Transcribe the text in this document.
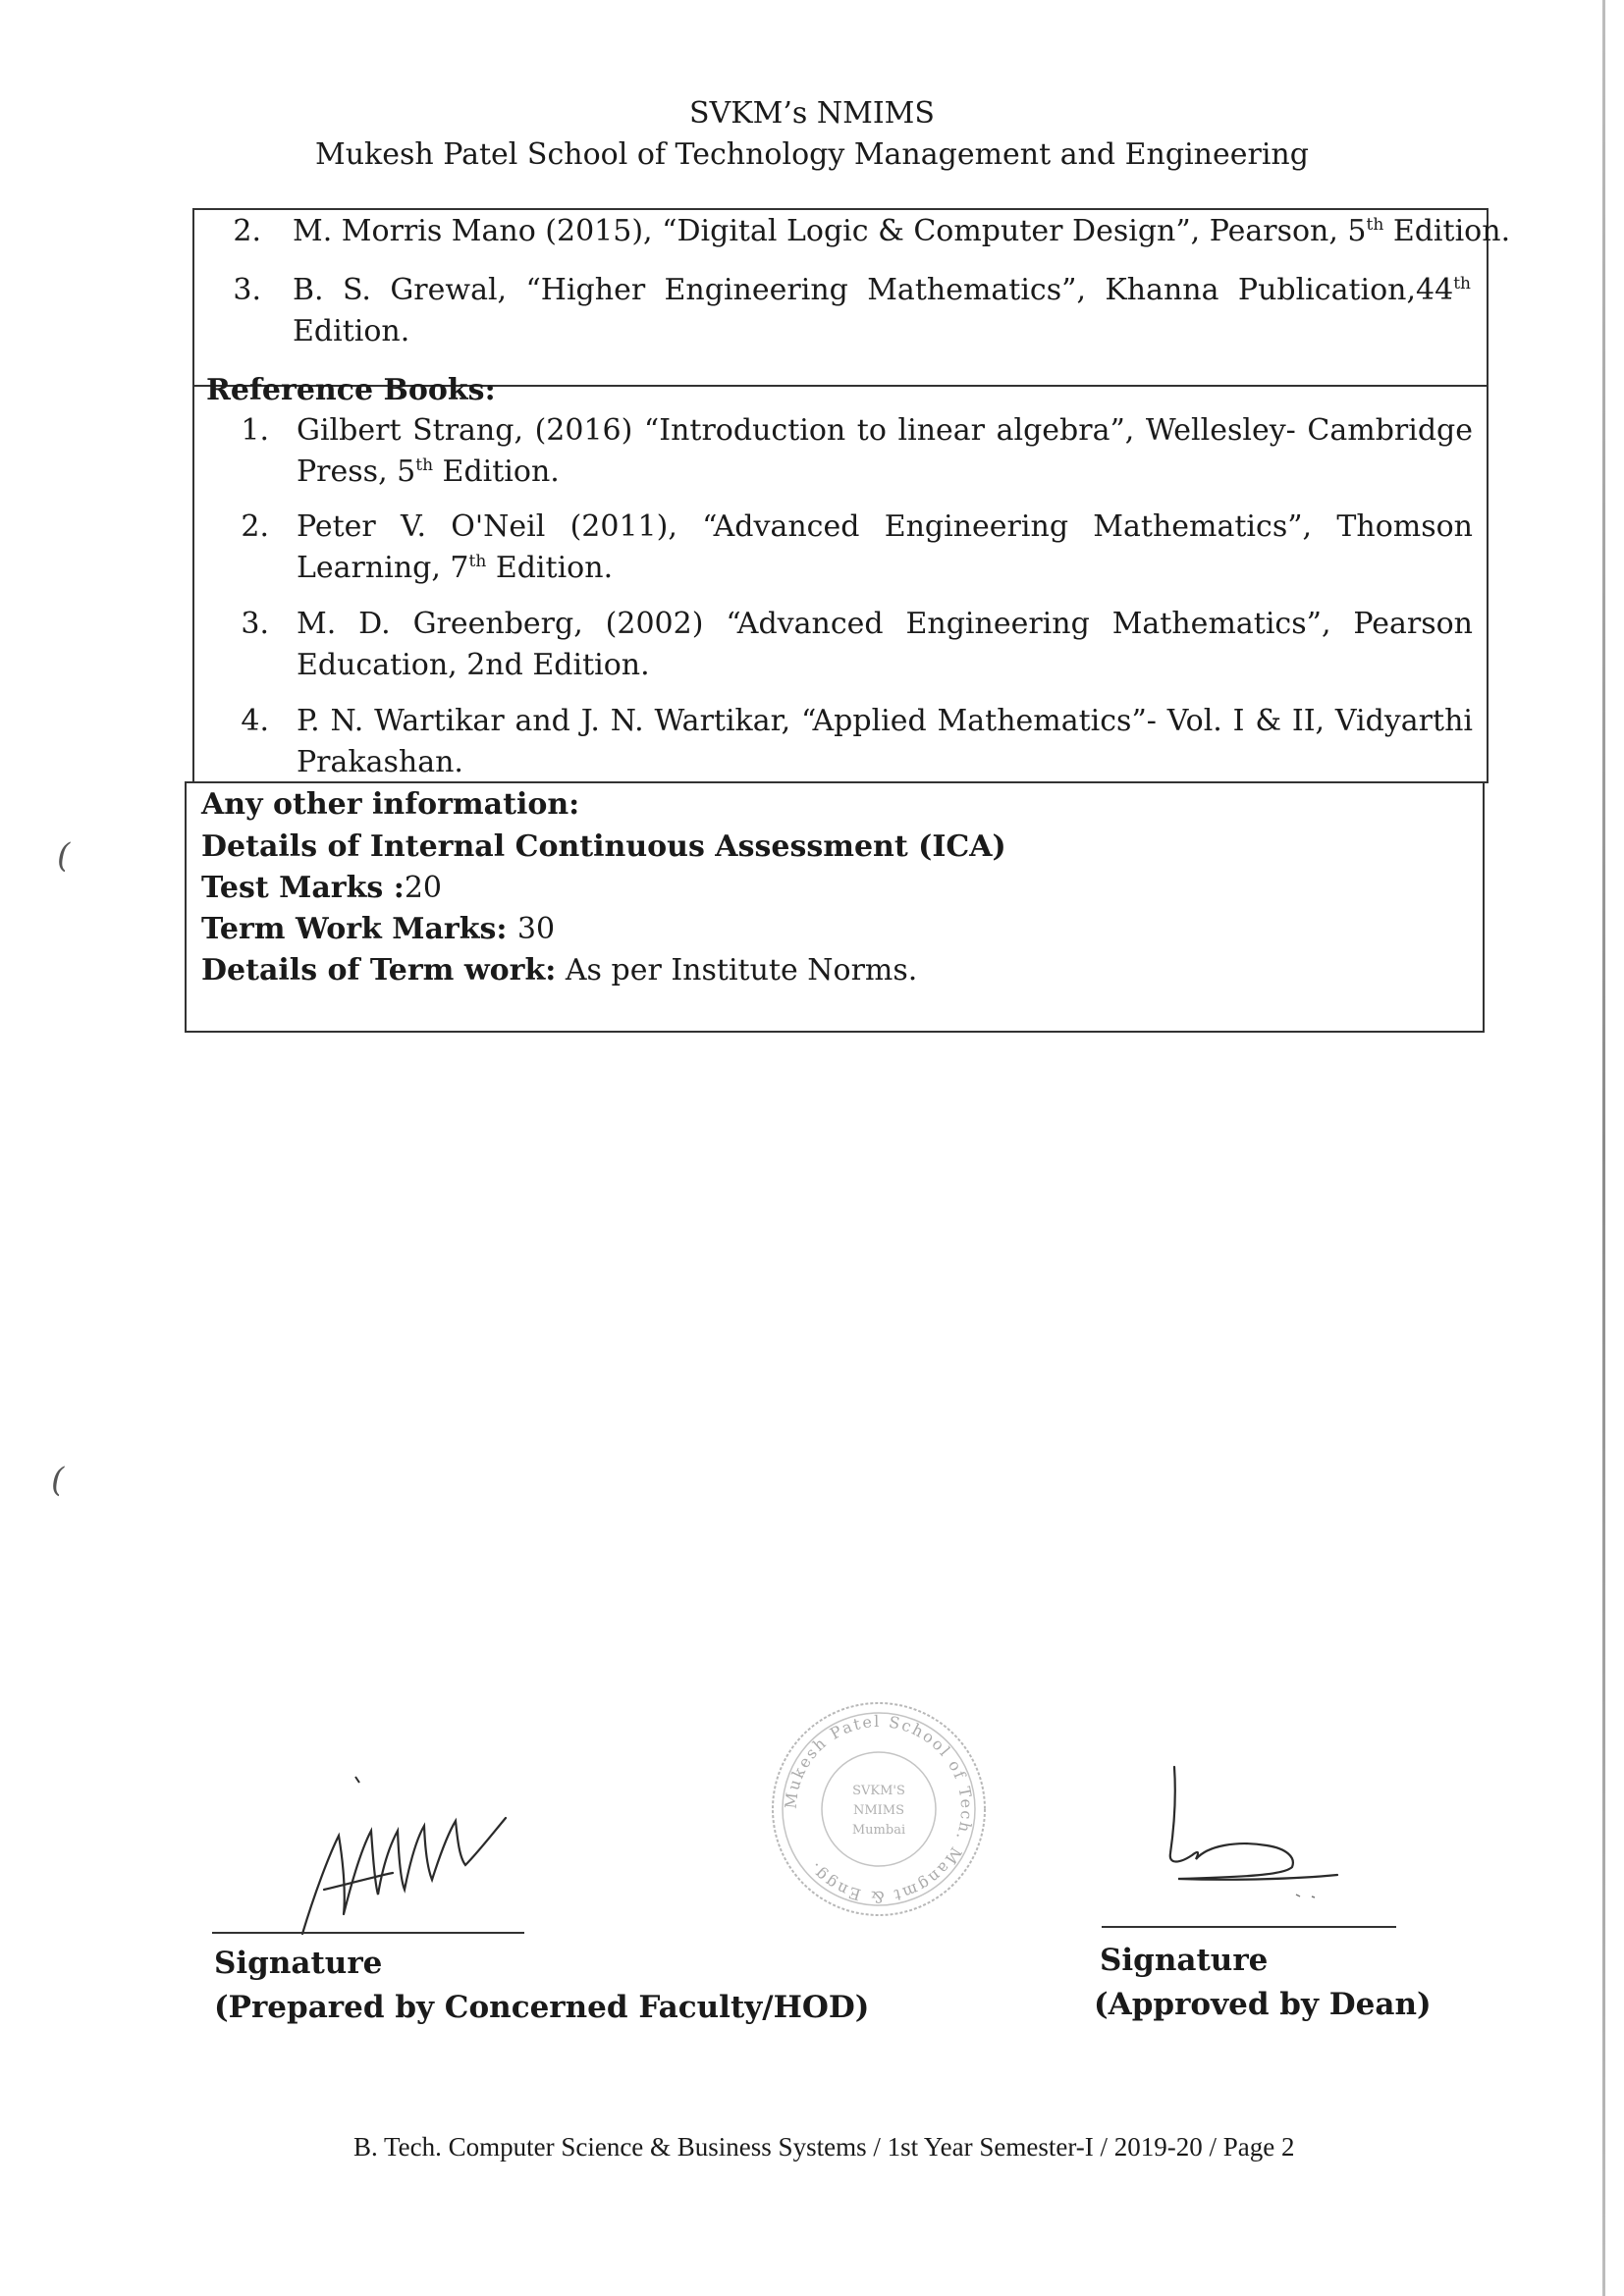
SVKM’s NMIMS
Mukesh Patel School of Technology Management and Engineering
2. M. Morris Mano (2015), “Digital Logic & Computer Design”, Pearson, 5th Edition.
3. B. S. Grewal, “Higher Engineering Mathematics”, Khanna Publication,44th Edition.
Reference Books:
1. Gilbert Strang, (2016) “Introduction to linear algebra”, Wellesley- Cambridge Press, 5th Edition.
2. Peter V. O'Neil (2011), “Advanced Engineering Mathematics”, Thomson Learning, 7th Edition.
3. M. D. Greenberg, (2002) “Advanced Engineering Mathematics”, Pearson Education, 2nd Edition.
4. P. N. Wartikar and J. N. Wartikar, “Applied Mathematics”- Vol. I & II, Vidyarthi Prakashan.
Any other information:
Details of Internal Continuous Assessment (ICA)
Test Marks :20
Term Work Marks: 30
Details of Term work: As per Institute Norms.
(
(
Signature
(Prepared by Concerned Faculty/HOD)
Mukesh Patel School of Tech. Mangmt & Engg.
SVKM'S
NMIMS
Mumbai
Signature
(Approved by Dean)
B. Tech. Computer Science & Business Systems / 1st Year Semester-I / 2019-20 / Page 2
